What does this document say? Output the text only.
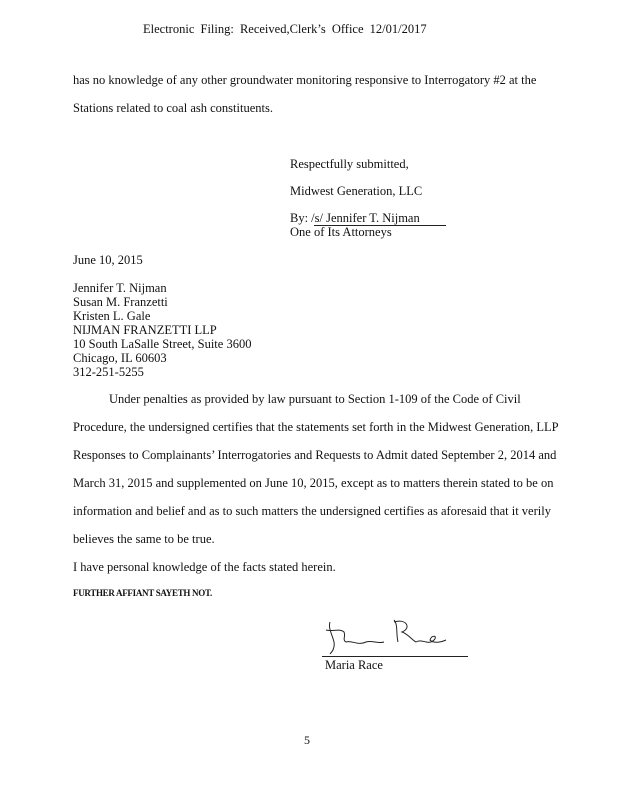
Electronic Filing: Received,Clerk’s Office 12/01/2017
has no knowledge of any other groundwater monitoring responsive to Interrogatory #2 at the
Stations related to coal ash constituents.
Respectfully submitted,
Midwest Generation, LLC
By: /s/ Jennifer T. Nijman
One of Its Attorneys
June 10, 2015
Jennifer T. Nijman
Susan M. Franzetti
Kristen L. Gale
NIJMAN FRANZETTI LLP
10 South LaSalle Street, Suite 3600
Chicago, IL 60603
312-251-5255
Under penalties as provided by law pursuant to Section 1-109 of the Code of Civil
Procedure, the undersigned certifies that the statements set forth in the Midwest Generation, LLP
Responses to Complainants’ Interrogatories and Requests to Admit dated September 2, 2014 and
March 31, 2015 and supplemented on June 10, 2015, except as to matters therein stated to be on
information and belief and as to such matters the undersigned certifies as aforesaid that it verily
believes the same to be true.
I have personal knowledge of the facts stated herein.
FURTHER AFFIANT SAYETH NOT.
Maria Race
5
